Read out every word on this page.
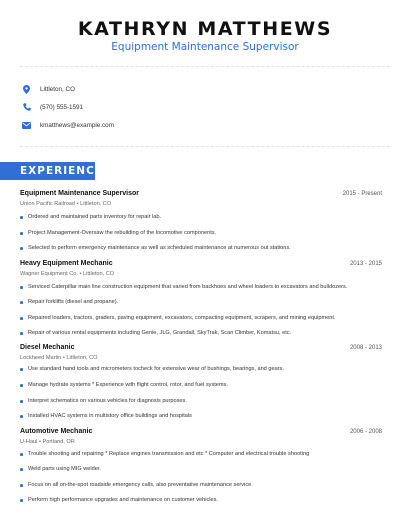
KATHRYN MATTHEWS
Equipment Maintenance Supervisor
Littleton, CO
(570) 555-1591
kmatthews@example.com
EXPERIENCE
Equipment Maintenance Supervisor	2015 - Present
Union Pacific Railroad • Littleton, CO
Ordered and maintained parts inventory for repair lab.
Project Management-Oversaw the rebuilding of the locomotive components.
Selected to perform emergency maintenance as well as scheduled maintenance at numerous out stations.
Heavy Equipment Mechanic	2013 - 2015
Wagner Equipment Co. • Littleton, CO
Serviced Caterpillar main line construction equipment that varied from backhoes and wheel loaders to excavators and bulldozers.
Repair forklifts (diesel and propane).
Repaired loaders, tractors, graders, paving equipment, excavators, compacting equipment, scrapers, and mining equipment.
Repair of various rental equipments including Genie, JLG, Grandall, SkyTrak, Scan Climber, Komatsu, etc.
Diesel Mechanic	2008 - 2013
Lockheed Martin • Littleton, CO
Use standard hand tools and micrometers tocheck for extensive wear of bushings, bearings, and gears.
Manage hydrate systems * Experience with flight control, rotor, and fuel systems.
Interpret schematics on various vehicles for diagnosis purposes.
Installed HVAC systems in multistory office buildings and hospitals
Automotive Mechanic	2006 - 2008
U-Haul • Portland, OR
Trouble shooting and repairing * Replace engines transmission and etc * Computer and electrical trouble shooting
Weld parts using MIG welder.
Focus on all on-the-spot roadside emergency calls, also preventative maintenance service.
Perform high performance upgrades and maintenance on customer vehicles.
